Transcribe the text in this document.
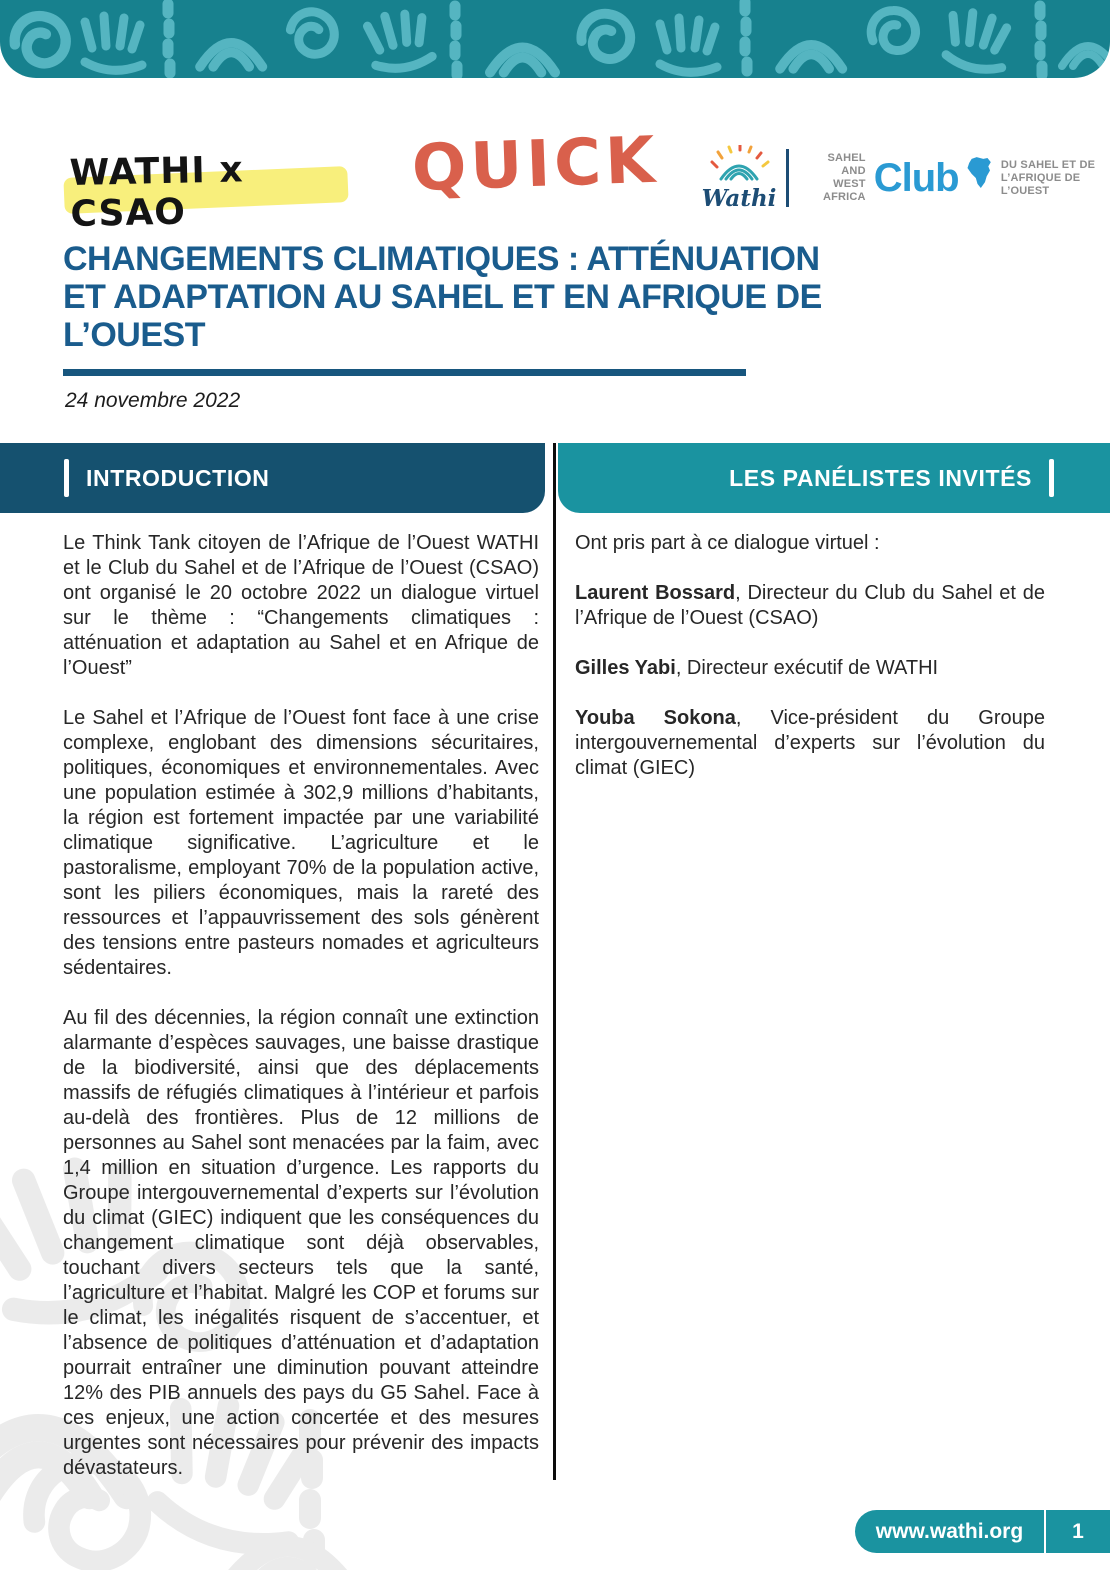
WATHI x CSAO
QUICK Wathi
SAHEL AND
WEST AFRICA Club	DU SAHEL ET DE
L’AFRIQUE DE L’OUEST
CHANGEMENTS CLIMATIQUES : ATTÉNUATION
ET ADAPTATION AU SAHEL ET EN AFRIQUE DE
L’OUEST
24 novembre 2022
INTRODUCTION	LES PANÉLISTES INVITÉS

Le Think Tank citoyen de l’Afrique de l’Ouest WATHI et le Club du Sahel et de l’Afrique de l’Ouest (CSAO) ont organisé le 20 octobre 2022 un dialogue virtuel sur le thème : “Changements climatiques : atténuation et adaptation au Sahel et en Afrique de l’Ouest”

Le Sahel et l’Afrique de l’Ouest font face à une crise complexe, englobant des dimensions sécuritaires, politiques, économiques et environnementales. Avec une population estimée à 302,9 millions d’habitants, la région est fortement impactée par une variabilité climatique significative. L’agriculture et le pastoralisme, employant 70% de la population active, sont les piliers économiques, mais la rareté des ressources et l’appauvrissement des sols génèrent des tensions entre pasteurs nomades et agriculteurs sédentaires.

Au fil des décennies, la région connaît une extinction alarmante d’espèces sauvages, une baisse drastique de la biodiversité, ainsi que des déplacements massifs de réfugiés climatiques à l’intérieur et parfois au-delà des frontières. Plus de 12 millions de personnes au Sahel sont menacées par la faim, avec 1,4 million en situation d’urgence. Les rapports du Groupe intergouvernemental d’experts sur l’évolution du climat (GIEC) indiquent que les conséquences du changement climatique sont déjà observables, touchant divers secteurs tels que la santé, l’agriculture et l’habitat. Malgré les COP et forums sur le climat, les inégalités risquent de s’accentuer, et l’absence de politiques d’atténuation et d’adaptation pourrait entraîner une diminution pouvant atteindre 12% des PIB annuels des pays du G5 Sahel. Face à ces enjeux, une action concertée et des mesures urgentes sont nécessaires pour prévenir des impacts dévastateurs.

Ont pris part à ce dialogue virtuel :

Laurent Bossard, Directeur du Club du Sahel et de l’Afrique de l’Ouest (CSAO)

Gilles Yabi, Directeur exécutif de WATHI

Youba Sokona, Vice-président du Groupe intergouvernemental d’experts sur l’évolution du climat (GIEC)

www.wathi.org	1
